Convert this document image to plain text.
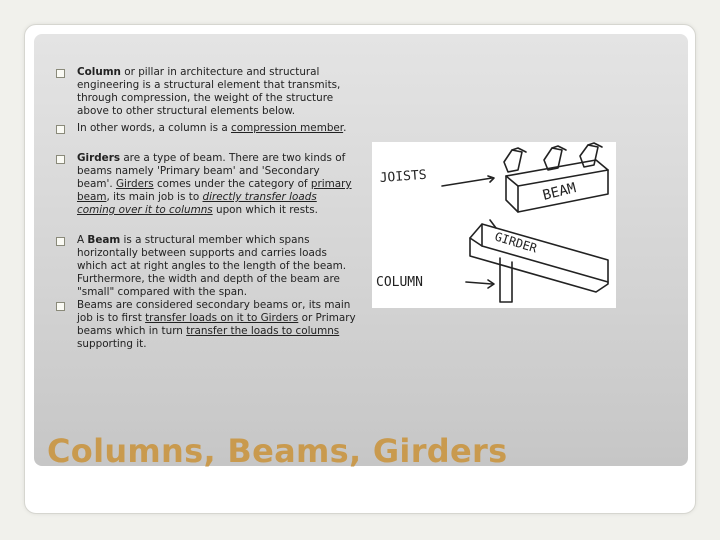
Column or pillar in architecture and structural engineering is a structural element that transmits, through compression, the weight of the structure above to other structural elements below.
In other words, a column is a compression member.
Girders are a type of beam. There are two kinds of beams namely 'Primary beam' and 'Secondary beam'. Girders comes under the category of primary beam, its main job is to directly transfer loads coming over it to columns upon which it rests.
A Beam is a structural member which spans horizontally between supports and carries loads which act at right angles to the length of the beam. Furthermore, the width and depth of the beam are "small" compared with the span.
Beams are considered secondary beams or, its main job is to first transfer loads on it to Girders or Primary beams which in turn transfer the loads to columns supporting it.
JOISTS
BEAM
GIRDER
COLUMN
Columns, Beams, Girders
